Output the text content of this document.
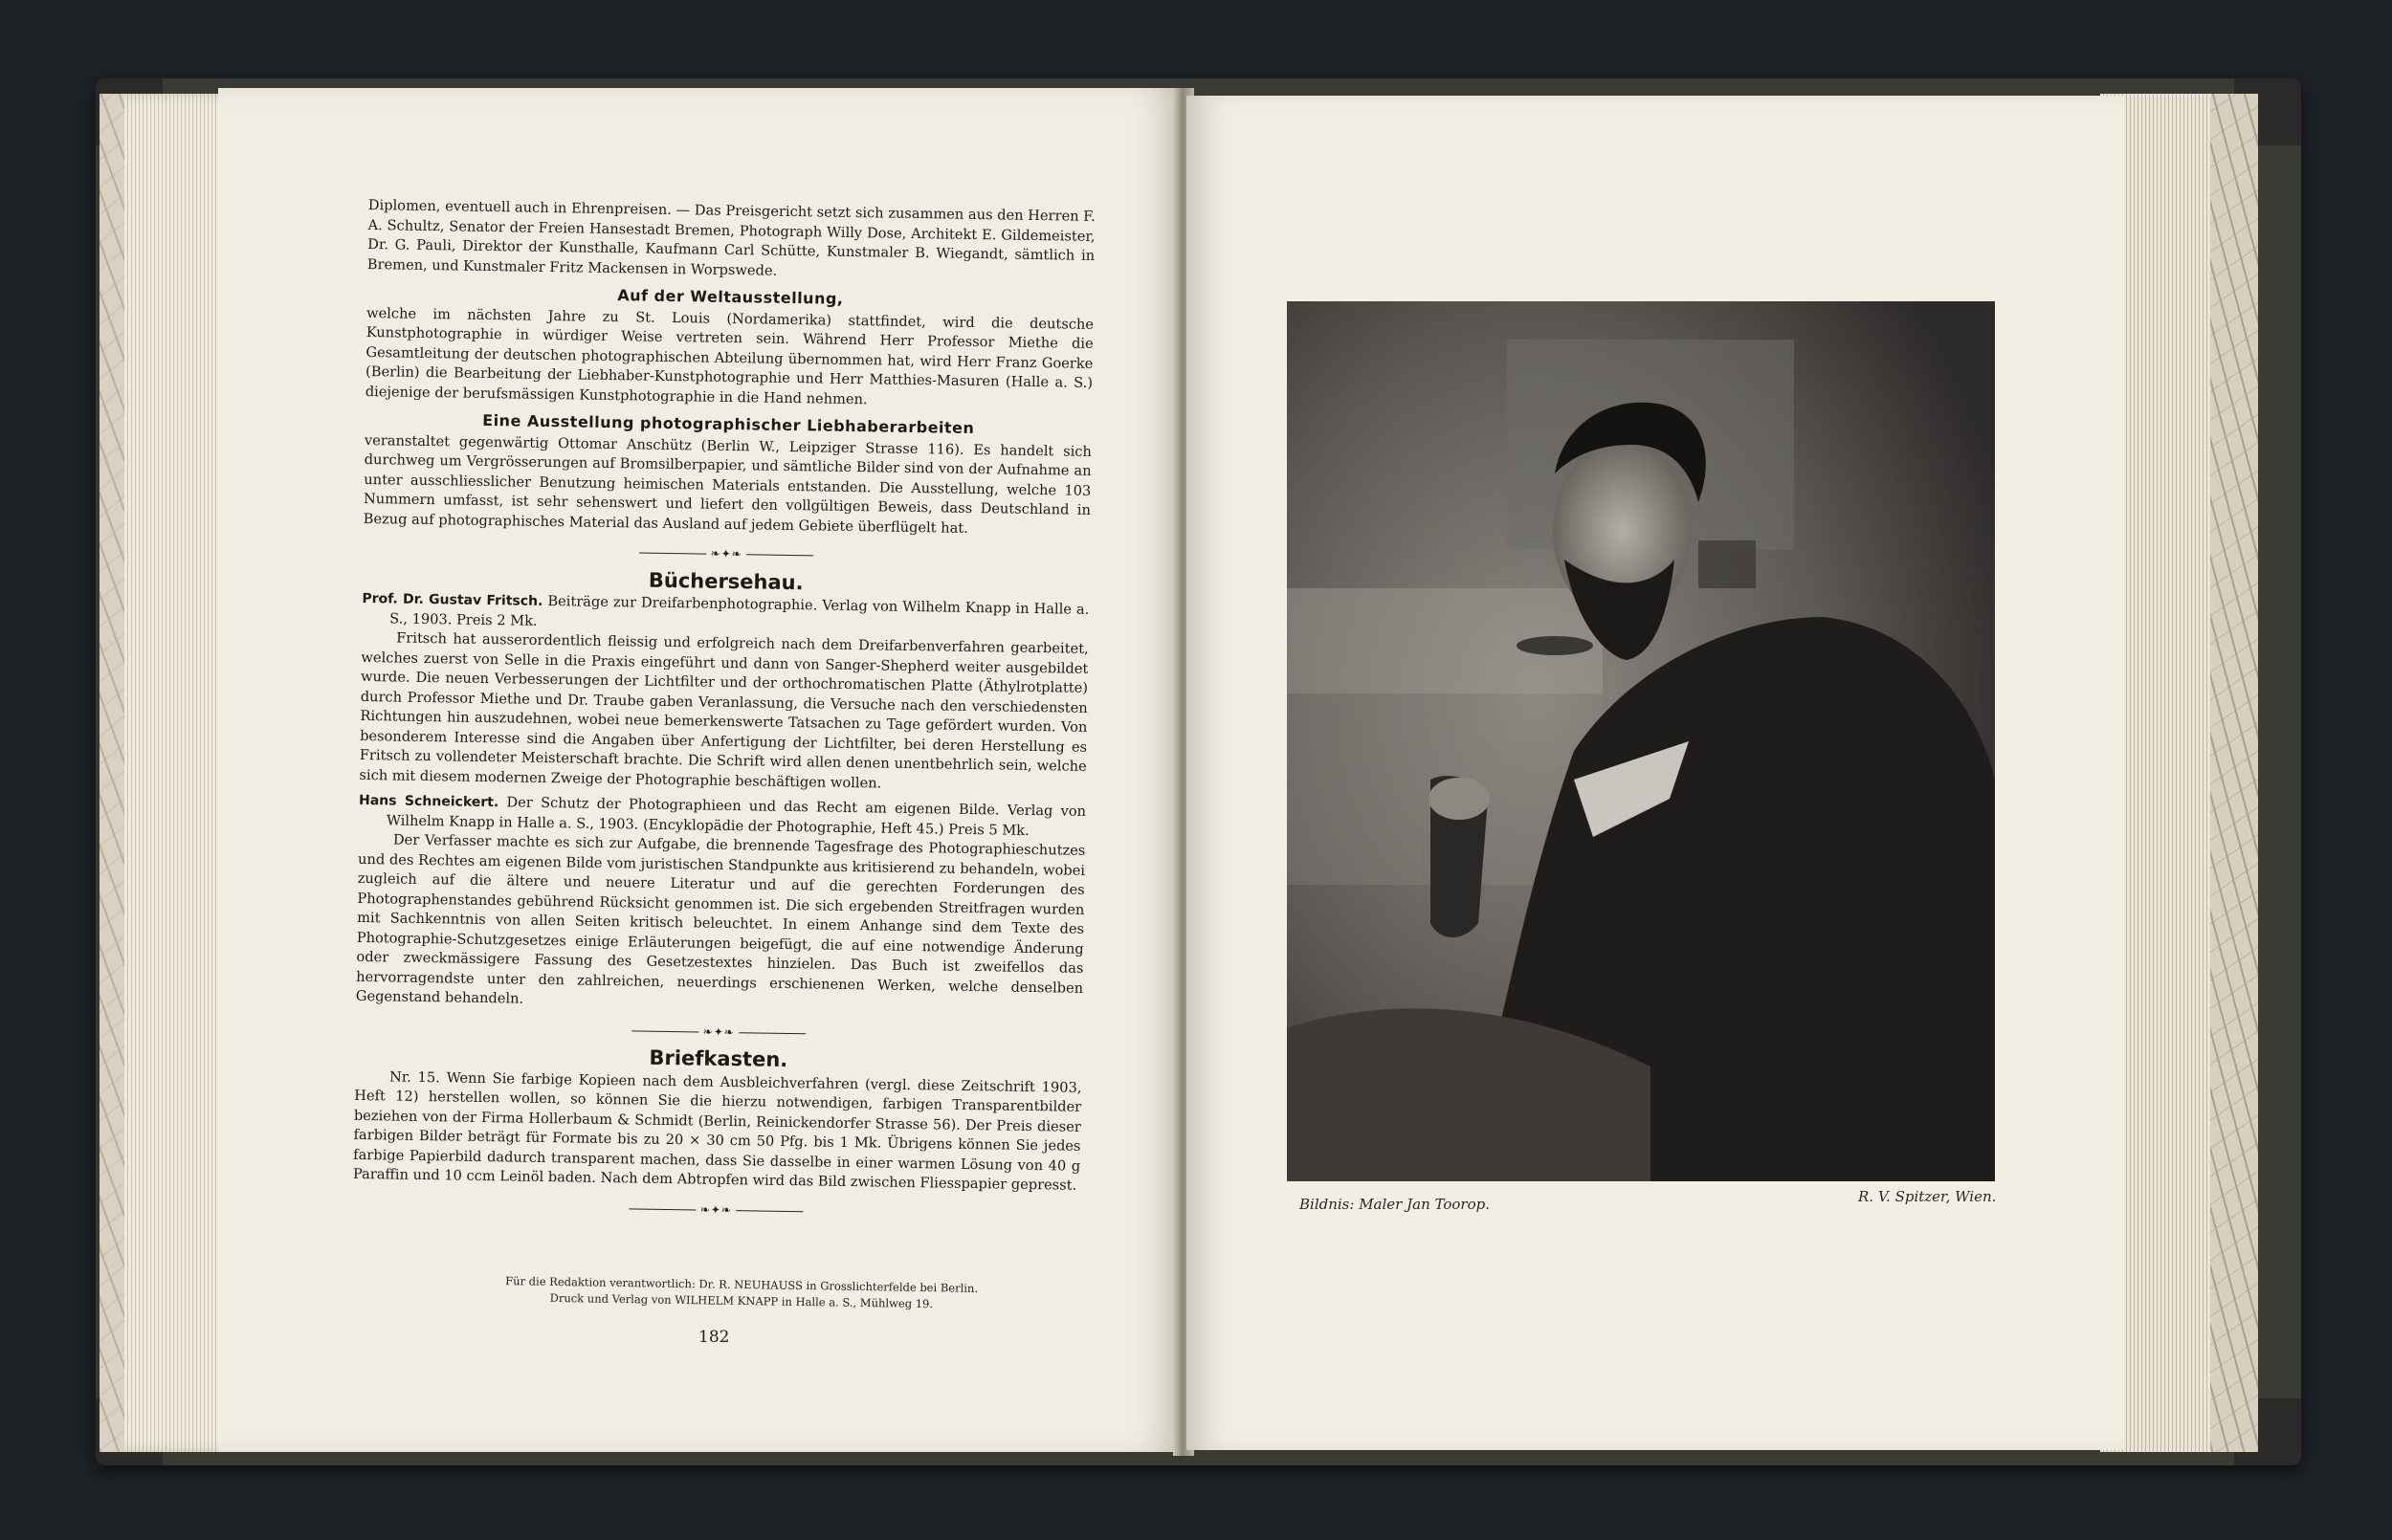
Diplomen, eventuell auch in Ehrenpreisen. — Das Preisgericht setzt sich zusammen aus den Herren F. A. Schultz, Senator der Freien Hansestadt Bremen, Photograph Willy Dose, Architekt E. Gildemeister, Dr. G. Pauli, Direktor der Kunsthalle, Kaufmann Carl Schütte, Kunstmaler B. Wiegandt, sämtlich in Bremen, und Kunstmaler Fritz Mackensen in Worpswede.

Auf der Weltausstellung,

welche im nächsten Jahre zu St. Louis (Nordamerika) stattfindet, wird die deutsche Kunstphotographie in würdiger Weise vertreten sein. Während Herr Professor Miethe die Gesamtleitung der deutschen photographischen Abteilung übernommen hat, wird Herr Franz Goerke (Berlin) die Bearbeitung der Liebhaber-Kunstphotographie und Herr Matthies-Masuren (Halle a. S.) diejenige der berufsmässigen Kunstphotographie in die Hand nehmen.

Eine Ausstellung photographischer Liebhaberarbeiten

veranstaltet gegenwärtig Ottomar Anschütz (Berlin W., Leipziger Strasse 116). Es handelt sich durchweg um Vergrösserungen auf Bromsilberpapier, und sämtliche Bilder sind von der Aufnahme an unter ausschliesslicher Benutzung heimischen Materials entstanden. Die Ausstellung, welche 103 Nummern umfasst, ist sehr sehenswert und liefert den vollgültigen Beweis, dass Deutschland in Bezug auf photographisches Material das Ausland auf jedem Gebiete überflügelt hat.

❧✦❧
Büchersehau.

Prof. Dr. Gustav Fritsch. Beiträge zur Dreifarbenphotographie. Verlag von Wilhelm Knapp in Halle a. S., 1903. Preis 2 Mk.

Fritsch hat ausserordentlich fleissig und erfolgreich nach dem Dreifarbenverfahren gearbeitet, welches zuerst von Selle in die Praxis eingeführt und dann von Sanger-Shepherd weiter ausgebildet wurde. Die neuen Verbesserungen der Lichtfilter und der orthochromatischen Platte (Äthylrotplatte) durch Professor Miethe und Dr. Traube gaben Veranlassung, die Versuche nach den verschiedensten Richtungen hin auszudehnen, wobei neue bemerkenswerte Tatsachen zu Tage gefördert wurden. Von besonderem Interesse sind die Angaben über Anfertigung der Lichtfilter, bei deren Herstellung es Fritsch zu vollendeter Meisterschaft brachte. Die Schrift wird allen denen unentbehrlich sein, welche sich mit diesem modernen Zweige der Photographie beschäftigen wollen.

Hans Schneickert. Der Schutz der Photographieen und das Recht am eigenen Bilde. Verlag von Wilhelm Knapp in Halle a. S., 1903. (Encyklopädie der Photographie, Heft 45.) Preis 5 Mk.

Der Verfasser machte es sich zur Aufgabe, die brennende Tagesfrage des Photographieschutzes und des Rechtes am eigenen Bilde vom juristischen Standpunkte aus kritisierend zu behandeln, wobei zugleich auf die ältere und neuere Literatur und auf die gerechten Forderungen des Photographenstandes gebührend Rücksicht genommen ist. Die sich ergebenden Streitfragen wurden mit Sachkenntnis von allen Seiten kritisch beleuchtet. In einem Anhange sind dem Texte des Photographie-Schutzgesetzes einige Erläuterungen beigefügt, die auf eine notwendige Änderung oder zweckmässigere Fassung des Gesetzestextes hinzielen. Das Buch ist zweifellos das hervorragendste unter den zahlreichen, neuerdings erschienenen Werken, welche denselben Gegenstand behandeln.

❧✦❧
Briefkasten.

Nr. 15. Wenn Sie farbige Kopieen nach dem Ausbleichverfahren (vergl. diese Zeitschrift 1903, Heft 12) herstellen wollen, so können Sie die hierzu notwendigen, farbigen Transparentbilder beziehen von der Firma Hollerbaum & Schmidt (Berlin, Reinickendorfer Strasse 56). Der Preis dieser farbigen Bilder beträgt für Formate bis zu 20 × 30 cm 50 Pfg. bis 1 Mk. Übrigens können Sie jedes farbige Papierbild dadurch transparent machen, dass Sie dasselbe in einer warmen Lösung von 40 g Paraffin und 10 ccm Leinöl baden. Nach dem Abtropfen wird das Bild zwischen Fliesspapier gepresst.

❧✦❧
Für die Redaktion verantwortlich: Dr. R. NEUHAUSS in Grosslichterfelde bei Berlin.
Druck und Verlag von WILHELM KNAPP in Halle a. S., Mühlweg 19.
182
Bildnis: Maler Jan Toorop.	R. V. Spitzer, Wien.
